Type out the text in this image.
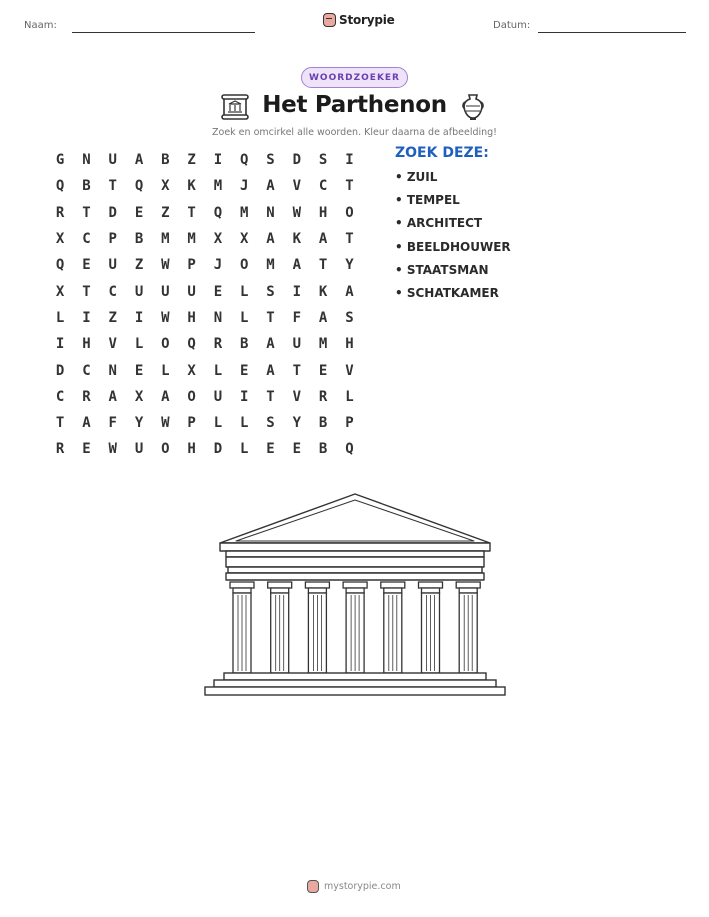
Naam:	Storypie	Datum:
WOORDZOEKER
Het Parthenon
Zoek en omcirkel alle woorden. Kleur daarna de afbeelding!
G	N	U	A	B	Z	I	Q	S	D	S	I
Q	B	T	Q	X	K	M	J	A	V	C	T
R	T	D	E	Z	T	Q	M	N	W	H	O
X	C	P	B	M	M	X	X	A	K	A	T
Q	E	U	Z	W	P	J	O	M	A	T	Y
X	T	C	U	U	U	E	L	S	I	K	A
L	I	Z	I	W	H	N	L	T	F	A	S
I	H	V	L	O	Q	R	B	A	U	M	H
D	C	N	E	L	X	L	E	A	T	E	V
C	R	A	X	A	O	U	I	T	V	R	L
T	A	F	Y	W	P	L	L	S	Y	B	P
R	E	W	U	O	H	D	L	E	E	B	Q
ZOEK DEZE:
• ZUIL
• TEMPEL
• ARCHITECT
• BEELDHOUWER
• STAATSMAN
• SCHATKAMER
mystorypie.com
